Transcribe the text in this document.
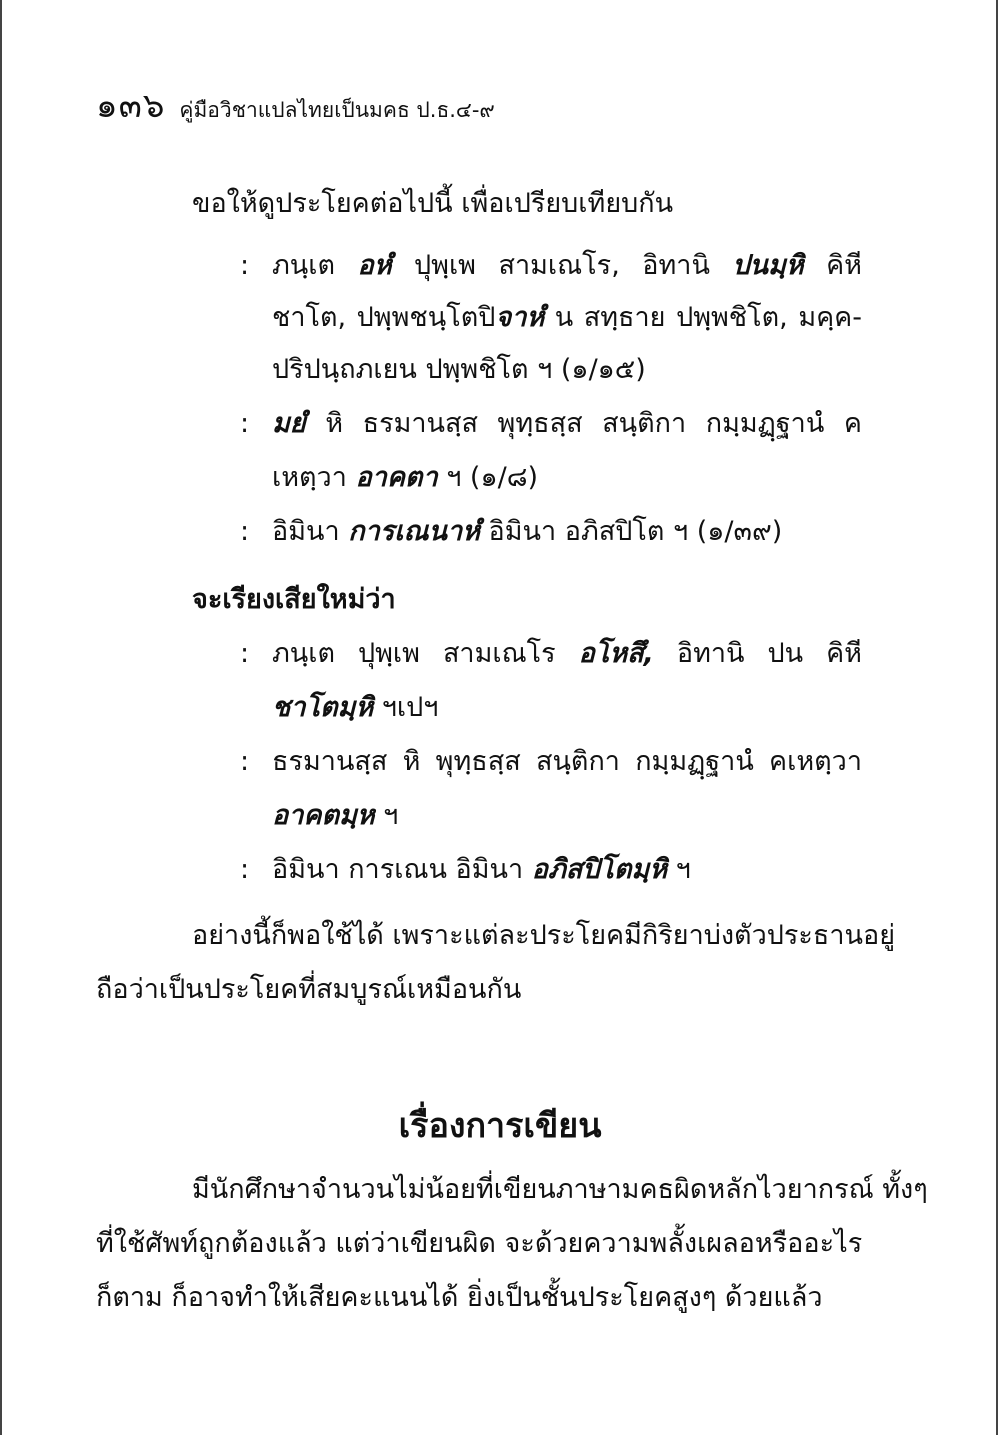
๑๓๖ คู่มือวิชาแปลไทยเป็นมคธ ป.ธ.๔-๙
ขอให้ดูประโยคต่อไปนี้ เพื่อเปรียบเทียบกัน
: ภนฺเต อหํ ปุพฺเพ สามเณโร, อิทานิ ปนมฺหิ คิหี
ชาโต, ปพฺพชนฺโตปิจาหํ น สทฺธาย ปพฺพชิโต, มคฺค-
ปริปนฺถภเยน ปพฺพชิโต ฯ (๑/๑๕)
: มยํ หิ ธรมานสฺส พุทฺธสฺส สนฺติกา กมฺมฏฺฐานํ ค
เหตฺวา อาคตา ฯ (๑/๘)
: อิมินา การเณนาหํ อิมินา อภิสปิโต ฯ (๑/๓๙)
จะเรียงเสียใหม่ว่า
: ภนฺเต ปุพฺเพ สามเณโร อโหสึ, อิทานิ ปน คิหี
ชาโตมฺหิ ฯเปฯ
: ธรมานสฺส หิ พุทฺธสฺส สนฺติกา กมฺมฏฺฐานํ คเหตฺวา
อาคตมฺห ฯ
: อิมินา การเณน อิมินา อภิสปิโตมฺหิ ฯ
อย่างนี้ก็พอใช้ได้ เพราะแต่ละประโยคมีกิริยาบ่งตัวประธานอยู่
ถือว่าเป็นประโยคที่สมบูรณ์เหมือนกัน
เรื่องการเขียน
มีนักศึกษาจำนวนไม่น้อยที่เขียนภาษามคธผิดหลักไวยากรณ์ ทั้งๆ
ที่ใช้ศัพท์ถูกต้องแล้ว แต่ว่าเขียนผิด จะด้วยความพลั้งเผลอหรืออะไร
ก็ตาม ก็อาจทำให้เสียคะแนนได้ ยิ่งเป็นชั้นประโยคสูงๆ ด้วยแล้ว
